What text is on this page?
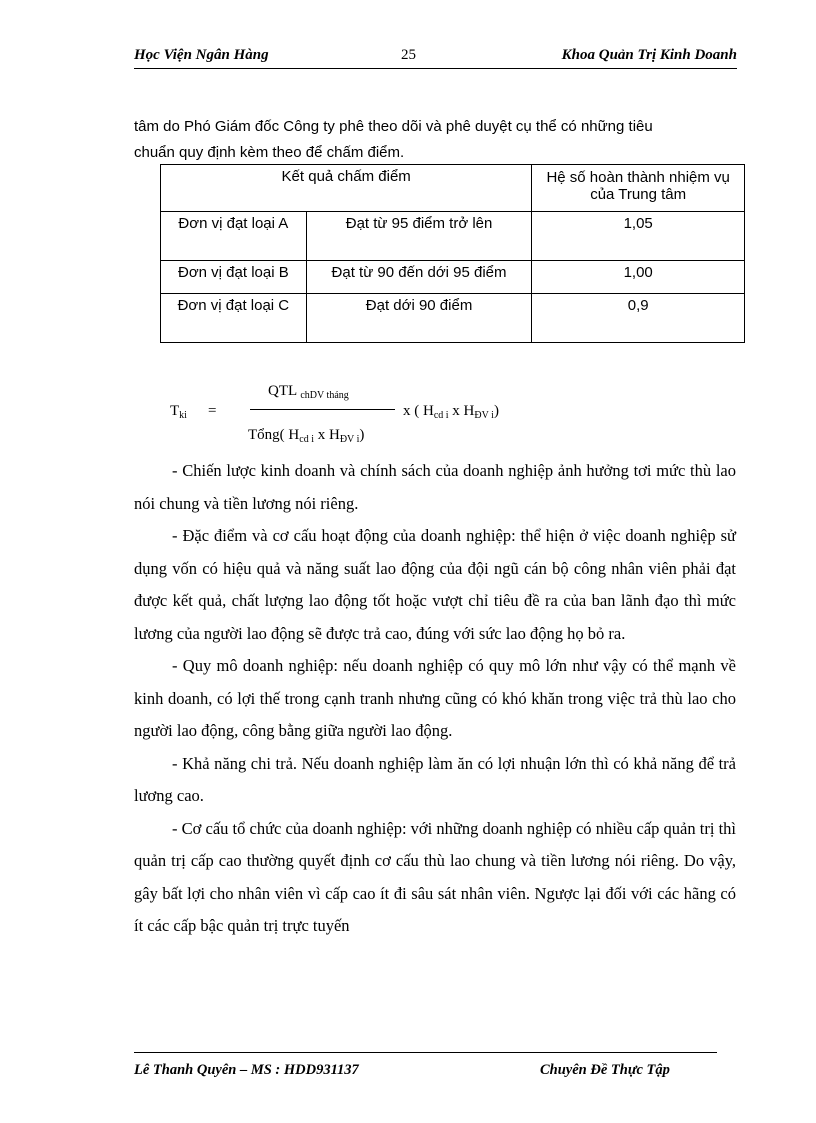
Học Viện Ngân Hàng	25	Khoa Quản Trị Kinh Doanh
tâm do Phó Giám đốc Công ty phê theo dõi và phê duyệt cụ thể có những tiêu
chuẩn quy định kèm theo để chấm điểm.
Kết quả chấm điểm		Hệ số hoàn thành nhiệm vụ của Trung tâm
Đơn vị đạt loại A	Đạt từ 95 điểm trở lên	1,05
Đơn vị đạt loại B	Đạt từ 90 đến dới 95 điểm	1,00
Đơn vị đạt loại C	Đạt dới 90 điểm	0,9
$T_{ki}$ =
QTL $_{chDV tháng}$
Tổng( $H_{cd i}$ x $H_{ĐV i}$)
x ( $H_{cd i}$ x $H_{ĐV i}$)

- Chiến lược kinh doanh và chính sách của doanh nghiệp ảnh hưởng tơi mức thù lao nói chung và tiền lương nói riêng.

- Đặc điểm và cơ cấu hoạt động của doanh nghiệp: thể hiện ở việc doanh nghiệp sử dụng vốn có hiệu quả và năng suất lao động của đội ngũ cán bộ công nhân viên phải đạt được kết quả, chất lượng lao động tốt hoặc vượt chỉ tiêu đề ra của ban lãnh đạo thì mức lương của người lao động sẽ được trả cao, đúng với sức lao động họ bỏ ra.

- Quy mô doanh nghiệp: nếu doanh nghiệp có quy mô lớn như vậy có thể mạnh về kinh doanh, có lợi thế trong cạnh tranh nhưng cũng có khó khăn trong việc trả thù lao cho người lao động, công bằng giữa người lao động.

- Khả năng chi trả. Nếu doanh nghiệp làm ăn có lợi nhuận lớn thì có khả năng để trả lương cao.

- Cơ cấu tổ chức của doanh nghiệp: với những doanh nghiệp có nhiều cấp quản trị thì quản trị cấp cao thường quyết định cơ cấu thù lao chung và tiền lương nói riêng. Do vậy, gây bất lợi cho nhân viên vì cấp cao ít đi sâu sát nhân viên. Ngược lại đối với các hãng có ít các cấp bậc quản trị trực tuyến

Lê Thanh Quyên – MS : HDD931137	Chuyên Đề Thực Tập
